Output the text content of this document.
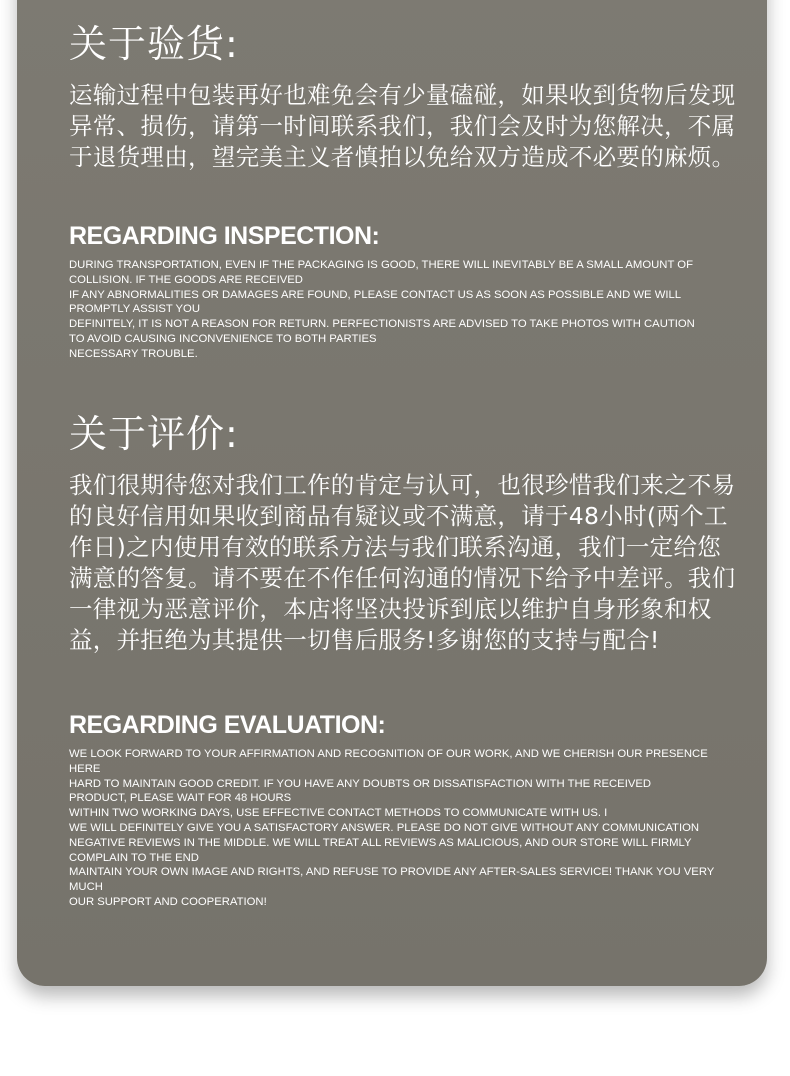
关于验货:

运输过程中包装再好也难免会有少量磕碰，如果收到货物后发现异常、损伤，请第一时间联系我们，我们会及时为您解决，不属于退货理由，望完美主义者慎拍以免给双方造成不必要的麻烦。

REGARDING INSPECTION:

DURING TRANSPORTATION, EVEN IF THE PACKAGING IS GOOD, THERE WILL INEVITABLY BE A SMALL AMOUNT OF
COLLISION. IF THE GOODS ARE RECEIVED
IF ANY ABNORMALITIES OR DAMAGES ARE FOUND, PLEASE CONTACT US AS SOON AS POSSIBLE AND WE WILL
PROMPTLY ASSIST YOU
DEFINITELY, IT IS NOT A REASON FOR RETURN. PERFECTIONISTS ARE ADVISED TO TAKE PHOTOS WITH CAUTION
TO AVOID CAUSING INCONVENIENCE TO BOTH PARTIES
NECESSARY TROUBLE.

关于评价:

我们很期待您对我们工作的肯定与认可，也很珍惜我们来之不易的良好信用如果收到商品有疑议或不满意，请于48小时(两个工作日)之内使用有效的联系方法与我们联系沟通，我们一定给您满意的答复。请不要在不作任何沟通的情况下给予中差评。我们一律视为恶意评价，本店将坚决投诉到底以维护自身形象和权益，并拒绝为其提供一切售后服务!多谢您的支持与配合!

REGARDING EVALUATION:

WE LOOK FORWARD TO YOUR AFFIRMATION AND RECOGNITION OF OUR WORK, AND WE CHERISH OUR PRESENCE
HERE
HARD TO MAINTAIN GOOD CREDIT. IF YOU HAVE ANY DOUBTS OR DISSATISFACTION WITH THE RECEIVED
PRODUCT, PLEASE WAIT FOR 48 HOURS
WITHIN TWO WORKING DAYS, USE EFFECTIVE CONTACT METHODS TO COMMUNICATE WITH US. I
WE WILL DEFINITELY GIVE YOU A SATISFACTORY ANSWER. PLEASE DO NOT GIVE WITHOUT ANY COMMUNICATION
NEGATIVE REVIEWS IN THE MIDDLE. WE WILL TREAT ALL REVIEWS AS MALICIOUS, AND OUR STORE WILL FIRMLY
COMPLAIN TO THE END
MAINTAIN YOUR OWN IMAGE AND RIGHTS, AND REFUSE TO PROVIDE ANY AFTER-SALES SERVICE! THANK YOU VERY
MUCH
OUR SUPPORT AND COOPERATION!
